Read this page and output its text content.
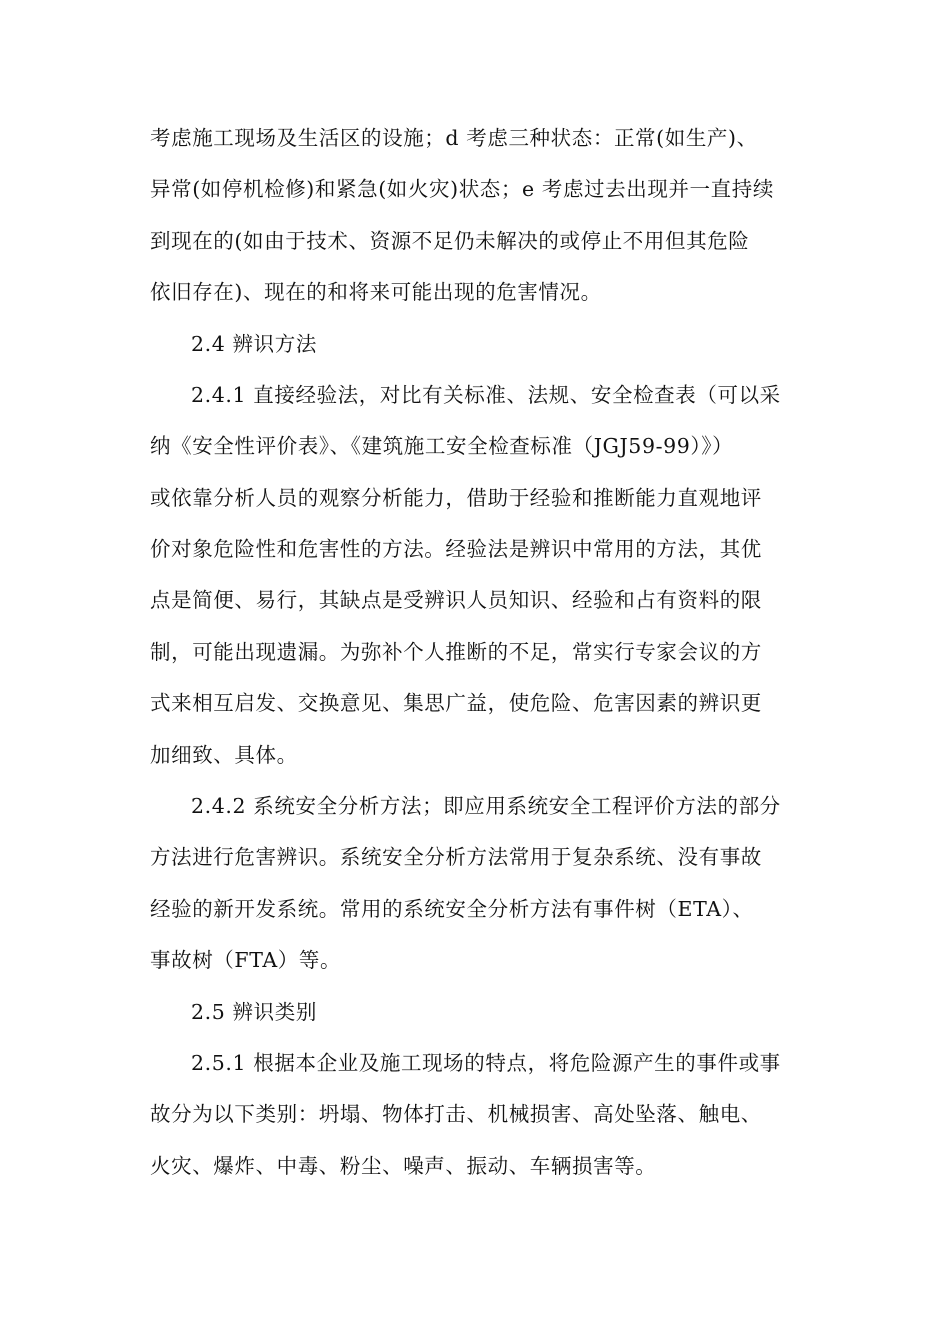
考虑施工现场及生活区的设施；d 考虑三种状态：正常(如生产)、

异常(如停机检修)和紧急(如火灾)状态；e 考虑过去出现并一直持续

到现在的(如由于技术、资源不足仍未解决的或停止不用但其危险

依旧存在)、现在的和将来可能出现的危害情况。

2.4 辨识方法

2.4.1 直接经验法，对比有关标准、法规、安全检查表（可以采

纳《安全性评价表》、《建筑施工安全检查标准（JGJ59-99）》）

或依靠分析人员的观察分析能力，借助于经验和推断能力直观地评

价对象危险性和危害性的方法。经验法是辨识中常用的方法，其优

点是简便、易行，其缺点是受辨识人员知识、经验和占有资料的限

制，可能出现遗漏。为弥补个人推断的不足，常实行专家会议的方

式来相互启发、交换意见、集思广益，使危险、危害因素的辨识更

加细致、具体。

2.4.2 系统安全分析方法；即应用系统安全工程评价方法的部分

方法进行危害辨识。系统安全分析方法常用于复杂系统、没有事故

经验的新开发系统。常用的系统安全分析方法有事件树（ETA）、

事故树（FTA）等。

2.5 辨识类别

2.5.1 根据本企业及施工现场的特点，将危险源产生的事件或事

故分为以下类别：坍塌、物体打击、机械损害、高处坠落、触电、

火灾、爆炸、中毒、粉尘、噪声、振动、车辆损害等。
